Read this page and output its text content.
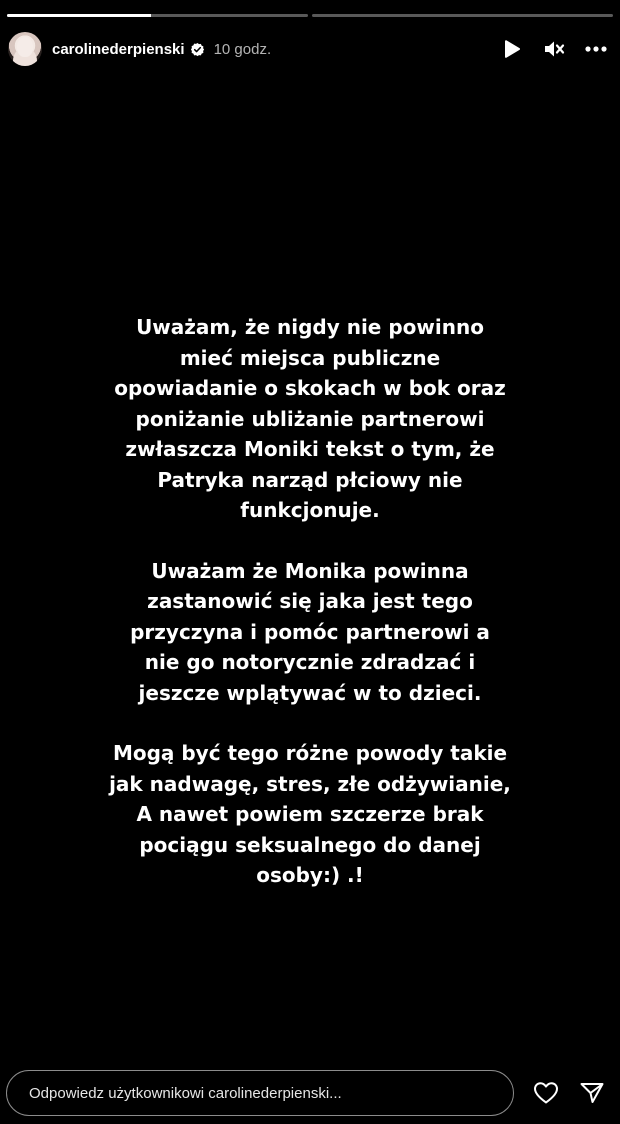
carolinederpienski 10 godz.
Uważam, że nigdy nie powinno
mieć miejsca publiczne
opowiadanie o skokach w bok oraz
poniżanie ubliżanie partnerowi
zwłaszcza Moniki tekst o tym, że
Patryka narząd płciowy nie
funkcjonuje.
Uważam że Monika powinna
zastanowić się jaka jest tego
przyczyna i pomóc partnerowi a
nie go notorycznie zdradzać i
jeszcze wplątywać w to dzieci.
Mogą być tego różne powody takie
jak nadwagę, stres, złe odżywianie,
A nawet powiem szczerze brak
pociągu seksualnego do danej
osoby:) .!
Odpowiedz użytkownikowi carolinederpienski...
